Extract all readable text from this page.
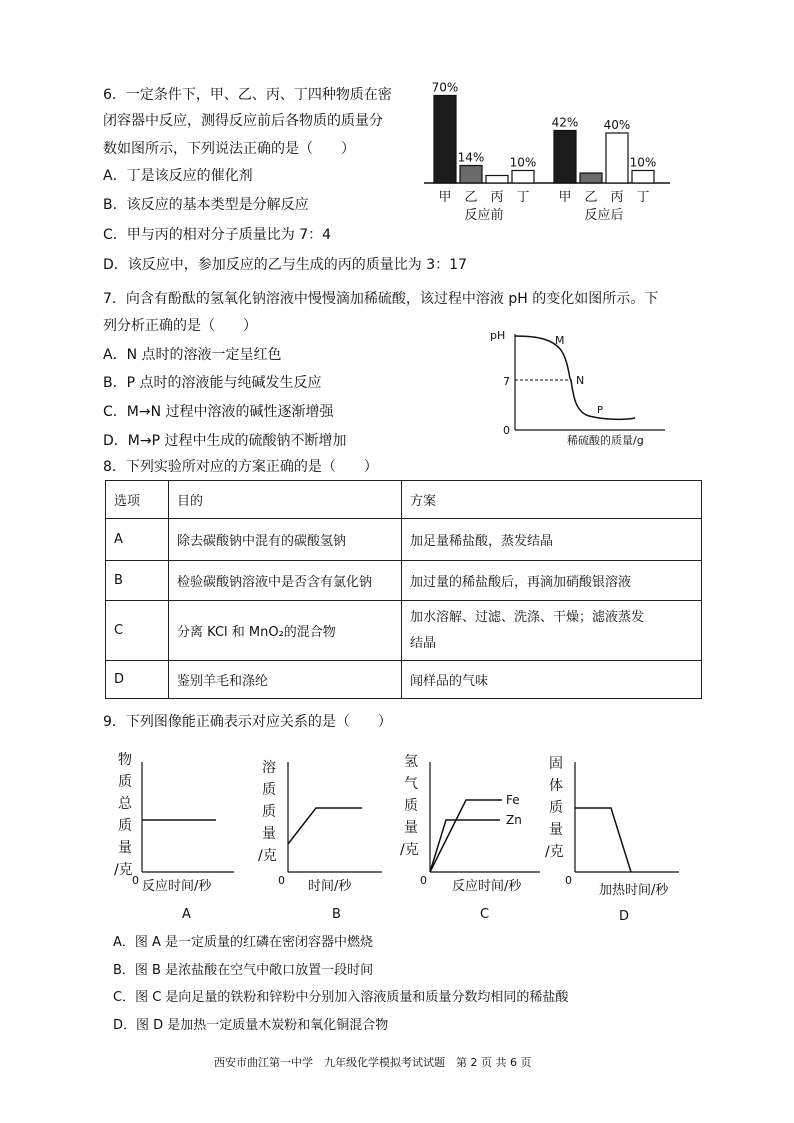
6．一定条件下，甲、乙、丙、丁四种物质在密
闭容器中反应，测得反应前后各物质的质量分
数如图所示，下列说法正确的是（　　）
A．丁是该反应的催化剂
B．该反应的基本类型是分解反应
C．甲与丙的相对分子质量比为 7：4
D．该反应中，参加反应的乙与生成的丙的质量比为 3：17
70%
甲
14%
乙 丙
10%
丁
反应前
42%
甲 乙
40%
丙
10%
丁
反应后
7．向含有酚酞的氢氧化钠溶液中慢慢滴加稀硫酸，该过程中溶液 pH 的变化如图所示。下
列分析正确的是（　　）
A．N 点时的溶液一定呈红色
B．P 点时的溶液能与纯碱发生反应
C．M→N 过程中溶液的碱性逐渐增强
D．M→P 过程中生成的硫酸钠不断增加
pH
0
7
M
N
P
稀硫酸的质量/g
8．下列实验所对应的方案正确的是（　　）
选项	目的	方案
A	除去碳酸钠中混有的碳酸氢钠	加足量稀盐酸，蒸发结晶
B	检验碳酸钠溶液中是否含有氯化钠	加过量的稀盐酸后，再滴加硝酸银溶液
C	分离 KCl 和 MnO₂的混合物	加水溶解、过滤、洗涤、干燥；滤液蒸发
结晶

D	鉴别羊毛和涤纶	闻样品的气味
9．下列图像能正确表示对应关系的是（　　）
物
质
总
质
量
/克
0 反应时间/秒
A
溶
质
质
量
/克
0 时间/秒
B
氢
气
质
量
/克
0
Fe
Zn
反应时间/秒
C
固
体
质
量
/克
0
加热时间/秒
D
A．图 A 是一定质量的红磷在密闭容器中燃烧
B．图 B 是浓盐酸在空气中敞口放置一段时间
C．图 C 是向足量的铁粉和锌粉中分别加入溶液质量和质量分数均相同的稀盐酸
D．图 D 是加热一定质量木炭粉和氧化铜混合物
西安市曲江第一中学　九年级化学模拟考试试题　第 2 页 共 6 页
